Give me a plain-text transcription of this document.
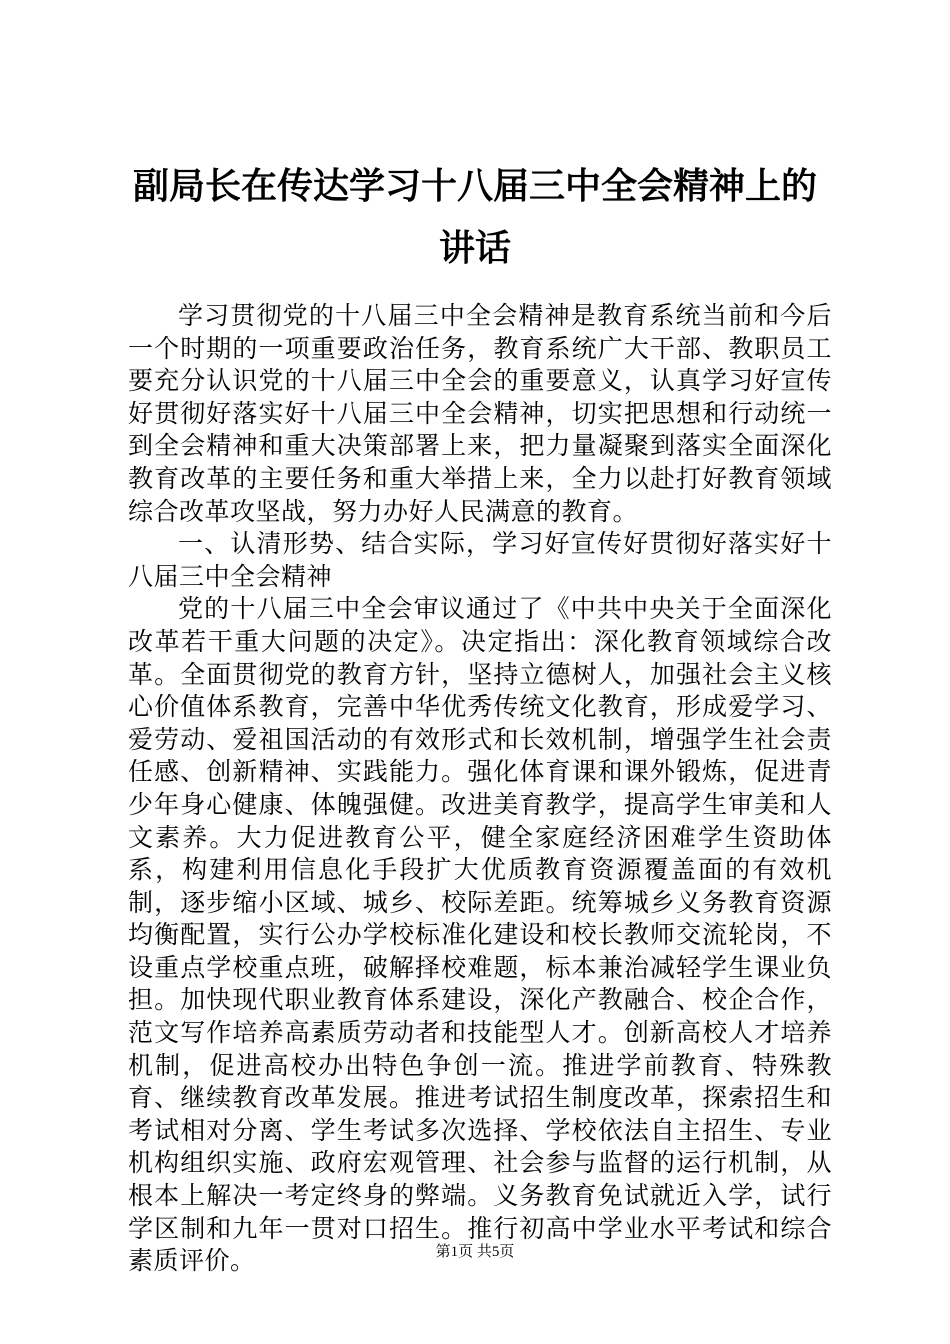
副局长在传达学习十八届三中全会精神上的讲话

学习贯彻党的十八届三中全会精神是教育系统当前和今后一个时期的一项重要政治任务，教育系统广大干部、教职员工要充分认识党的十八届三中全会的重要意义，认真学习好宣传好贯彻好落实好十八届三中全会精神，切实把思想和行动统一到全会精神和重大决策部署上来，把力量凝聚到落实全面深化教育改革的主要任务和重大举措上来，全力以赴打好教育领域综合改革攻坚战，努力办好人民满意的教育。

一、认清形势、结合实际，学习好宣传好贯彻好落实好十八届三中全会精神

党的十八届三中全会审议通过了《中共中央关于全面深化改革若干重大问题的决定》。决定指出：深化教育领域综合改革。全面贯彻党的教育方针，坚持立德树人，加强社会主义核心价值体系教育，完善中华优秀传统文化教育，形成爱学习、爱劳动、爱祖国活动的有效形式和长效机制，增强学生社会责任感、创新精神、实践能力。强化体育课和课外锻炼，促进青少年身心健康、体魄强健。改进美育教学，提高学生审美和人文素养。大力促进教育公平，健全家庭经济困难学生资助体系，构建利用信息化手段扩大优质教育资源覆盖面的有效机制，逐步缩小区域、城乡、校际差距。统筹城乡义务教育资源均衡配置，实行公办学校标准化建设和校长教师交流轮岗，不设重点学校重点班，破解择校难题，标本兼治减轻学生课业负担。加快现代职业教育体系建设，深化产教融合、校企合作，范文写作培养高素质劳动者和技能型人才。创新高校人才培养机制，促进高校办出特色争创一流。推进学前教育、特殊教育、继续教育改革发展。推进考试招生制度改革，探索招生和考试相对分离、学生考试多次选择、学校依法自主招生、专业机构组织实施、政府宏观管理、社会参与监督的运行机制，从根本上解决一考定终身的弊端。义务教育免试就近入学，试行学区制和九年一贯对口招生。推行初高中学业水平考试和综合素质评价。	第1页 共5页
